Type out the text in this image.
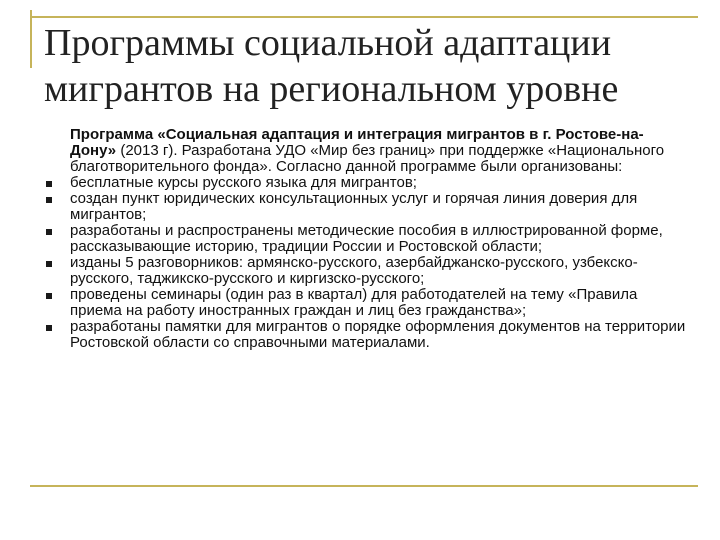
Программы социальной адаптации
мигрантов на региональном уровне

Программа «Социальная адаптация и интеграция мигрантов в г. Ростове-на-Дону» (2013 г). Разработана УДО «Мир без границ» при поддержке «Национального благотворительного фонда». Согласно данной программе были организованы:

бесплатные курсы русского языка для мигрантов;
создан пункт юридических консультационных услуг и горячая линия доверия для мигрантов;
разработаны и распространены методические пособия в иллюстрированной форме, рассказывающие историю, традиции России и Ростовской области;
изданы 5 разговорников: армянско-русского, азербайджанско-русского, узбекско-русского, таджикско-русского и киргизско-русского;
проведены семинары (один раз в квартал) для работодателей на тему «Правила приема на работу иностранных граждан и лиц без гражданства»;
разработаны памятки для мигрантов о порядке оформления документов на территории Ростовской области со справочными материалами.
